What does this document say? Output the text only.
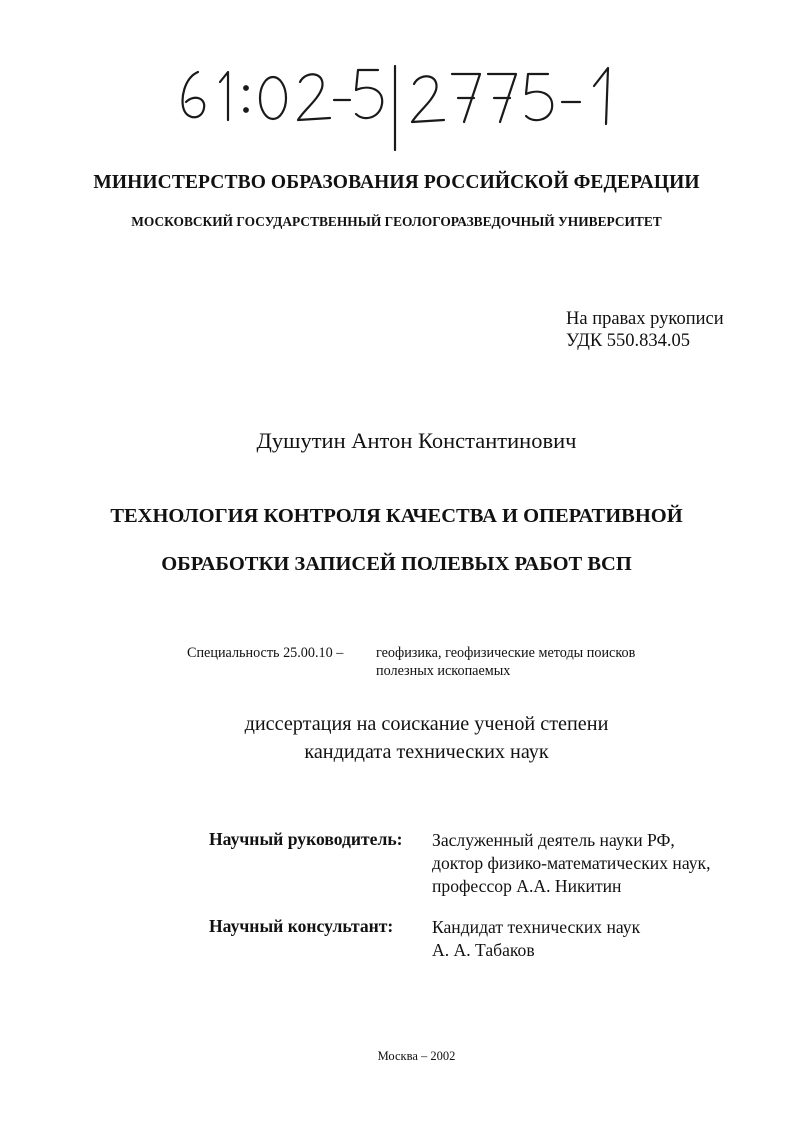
МИНИСТЕРСТВО ОБРАЗОВАНИЯ РОССИЙСКОЙ ФЕДЕРАЦИИ
МОСКОВСКИЙ ГОСУДАРСТВЕННЫЙ ГЕОЛОГОРАЗВЕДОЧНЫЙ УНИВЕРСИТЕТ
На правах рукописи
УДК 550.834.05
Душутин Антон Константинович
ТЕХНОЛОГИЯ КОНТРОЛЯ КАЧЕСТВА И ОПЕРАТИВНОЙ
ОБРАБОТКИ ЗАПИСЕЙ ПОЛЕВЫХ РАБОТ ВСП
Специальность 25.00.10 – геофизика, геофизические методы поисков
полезных ископаемых
диссертация на соискание ученой степени
кандидата технических наук
Научный руководитель: Заслуженный деятель науки РФ,
доктор физико-математических наук,
профессор А.А. Никитин
Научный консультант: Кандидат технических наук
А. А. Табаков
Москва – 2002
